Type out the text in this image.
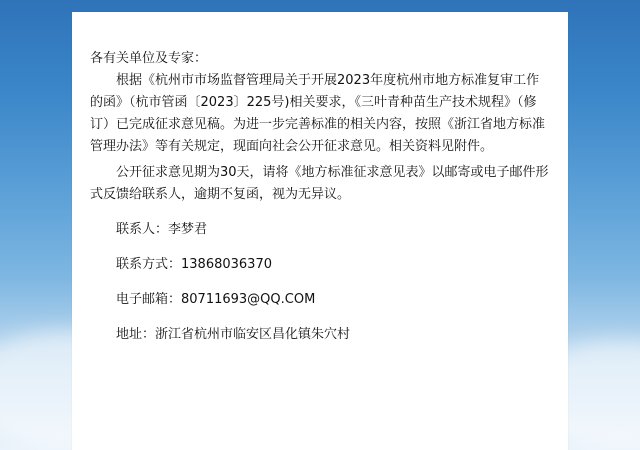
各有关单位及专家：

根据《杭州市市场监督管理局关于开展2023年度杭州市地方标准复审工作的函》（杭市管函〔2023〕225号)相关要求，《三叶青种苗生产技术规程》（修订）已完成征求意见稿。为进一步完善标准的相关内容，按照《浙江省地方标准管理办法》等有关规定，现面向社会公开征求意见。相关资料见附件。

公开征求意见期为30天，请将《地方标准征求意见表》以邮寄或电子邮件形式反馈给联系人，逾期不复函，视为无异议。

联系人：李梦君

联系方式：13868036370

电子邮箱：80711693@QQ.COM

地址：浙江省杭州市临安区昌化镇朱穴村
